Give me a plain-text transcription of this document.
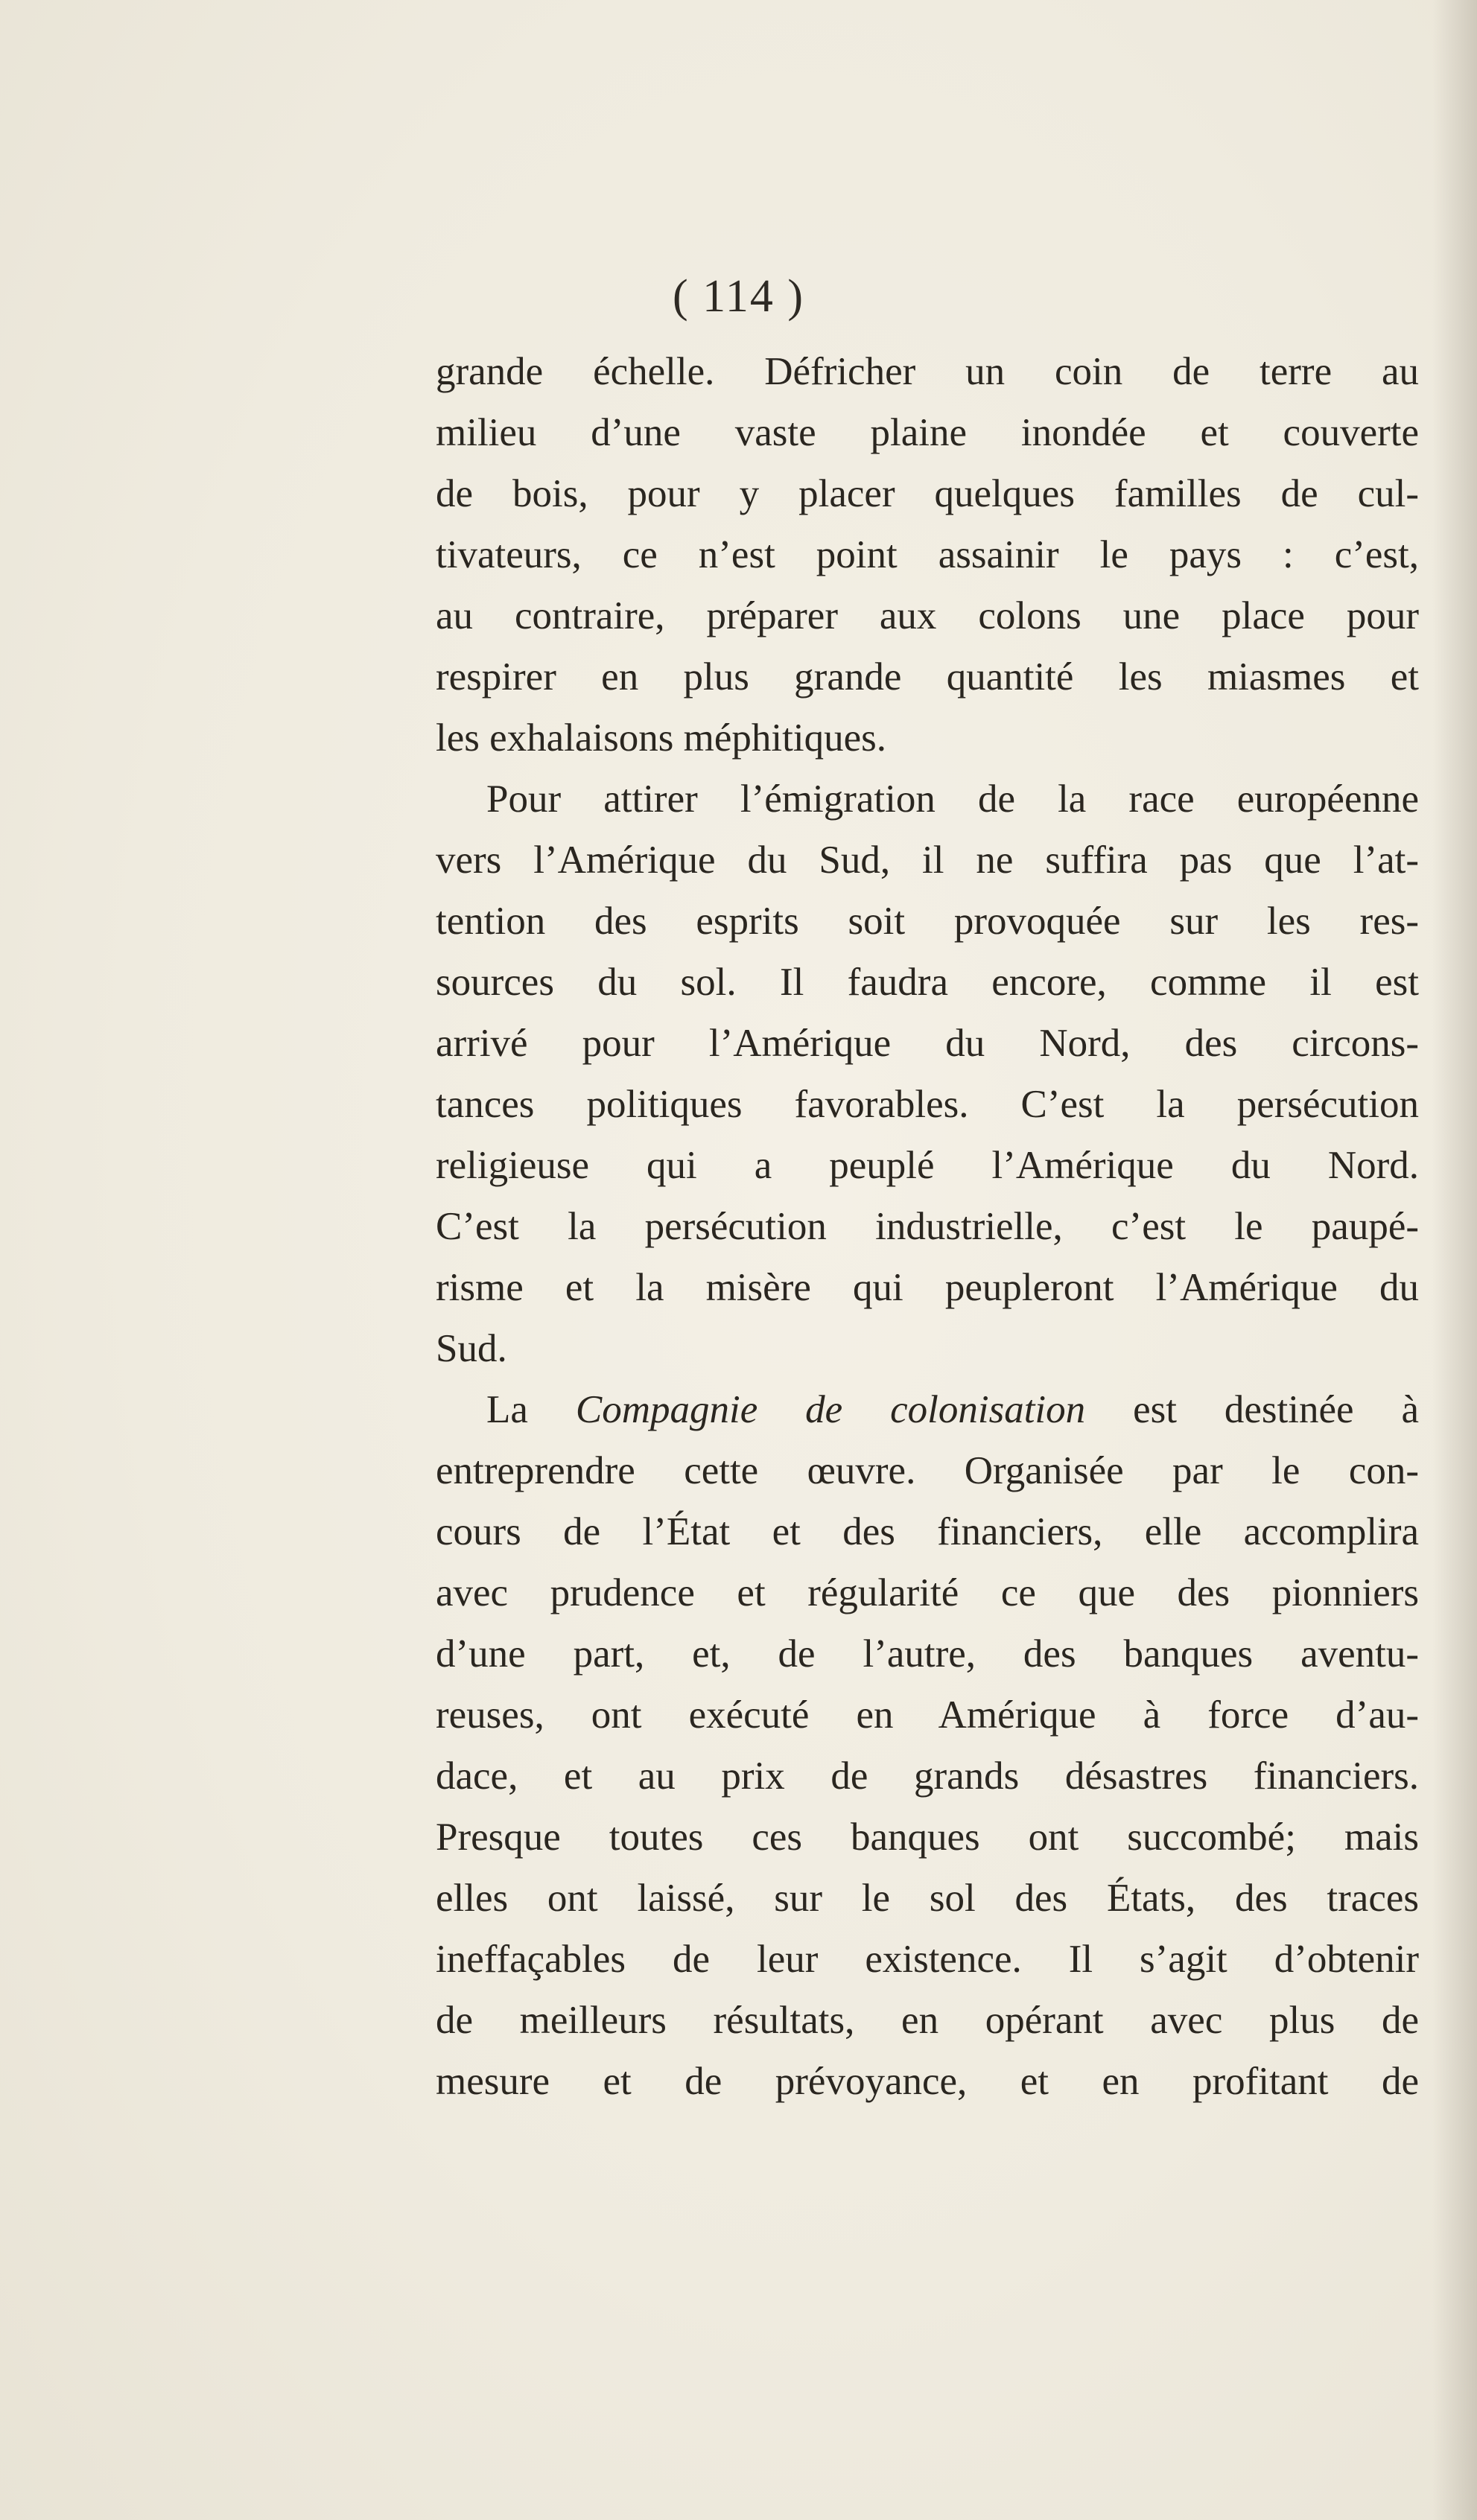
( 114 )
grande échelle. Défricher un coin de terre au
milieu d’une vaste plaine inondée et couverte
de bois, pour y placer quelques familles de cul-
tivateurs, ce n’est point assainir le pays : c’est,
au contraire, préparer aux colons une place pour
respirer en plus grande quantité les miasmes et
les exhalaisons méphitiques.
Pour attirer l’émigration de la race européenne
vers l’Amérique du Sud, il ne suffira pas que l’at-
tention des esprits soit provoquée sur les res-
sources du sol. Il faudra encore, comme il est
arrivé pour l’Amérique du Nord, des circons-
tances politiques favorables. C’est la persécution
religieuse qui a peuplé l’Amérique du Nord.
C’est la persécution industrielle, c’est le paupé-
risme et la misère qui peupleront l’Amérique du
Sud.
La Compagnie de colonisation est destinée à
entreprendre cette œuvre. Organisée par le con-
cours de l’État et des financiers, elle accomplira
avec prudence et régularité ce que des pionniers
d’une part, et, de l’autre, des banques aventu-
reuses, ont exécuté en Amérique à force d’au-
dace, et au prix de grands désastres financiers.
Presque toutes ces banques ont succombé; mais
elles ont laissé, sur le sol des États, des traces
ineffaçables de leur existence. Il s’agit d’obtenir
de meilleurs résultats, en opérant avec plus de
mesure et de prévoyance, et en profitant de
